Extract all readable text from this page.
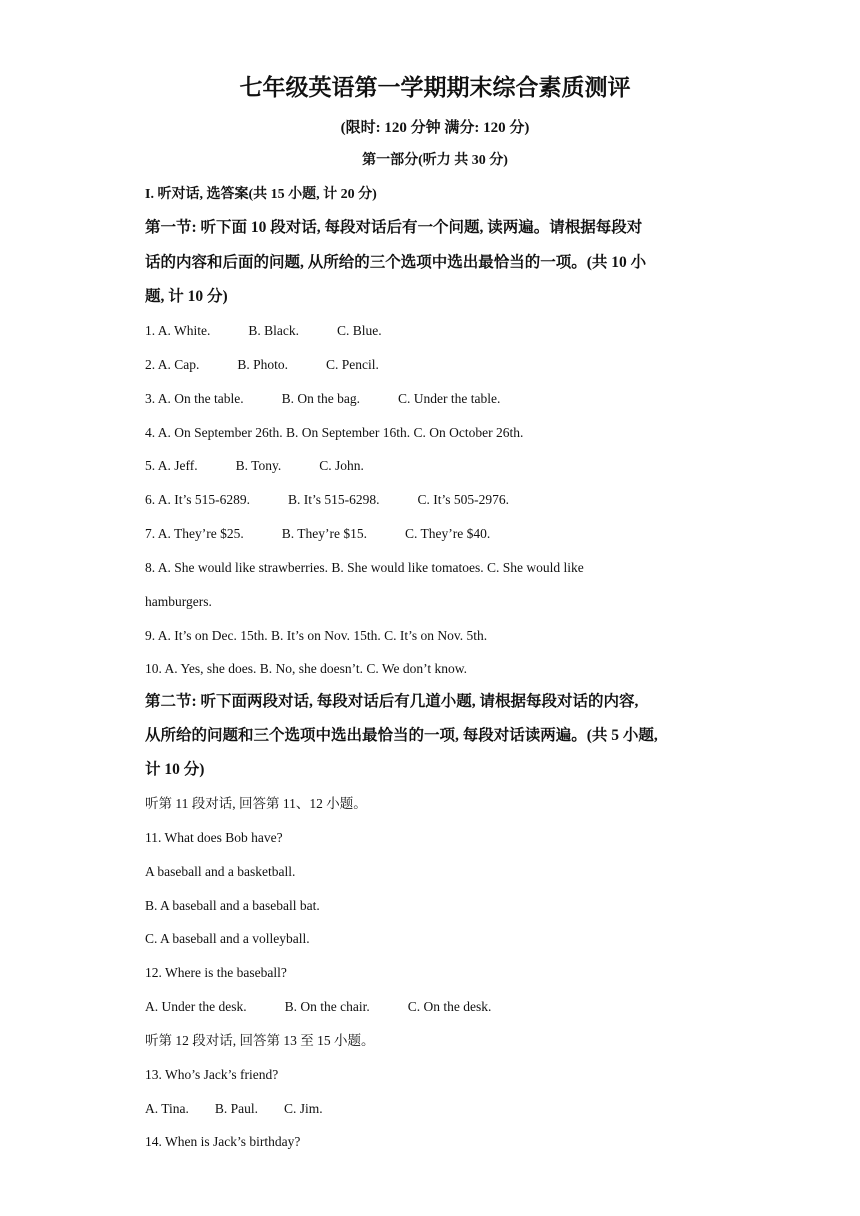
七年级英语第一学期期末综合素质测评
(限时: 120 分钟 满分: 120 分)
第一部分(听力 共 30 分)
I. 听对话, 选答案(共 15 小题, 计 20 分)
第一节: 听下面 10 段对话, 每段对话后有一个问题, 读两遍。请根据每段对
话的内容和后面的问题, 从所给的三个选项中选出最恰当的一项。(共 10 小
题, 计 10 分)
1. A. White.	B. Black.	C. Blue.
2. A. Cap.	B. Photo.	C. Pencil.
3. A. On the table.	B. On the bag.	C. Under the table.
4. A. On September 26th. B. On September 16th. C. On October 26th.
5. A. Jeff.	B. Tony.	C. John.
6. A. It’s 515-6289.	B. It’s 515-6298.	C. It’s 505-2976.
7. A. They’re $25.	B. They’re $15.	C. They’re $40.
8. A. She would like strawberries. B. She would like tomatoes. C. She would like
hamburgers.
9. A. It’s on Dec. 15th. B. It’s on Nov. 15th. C. It’s on Nov. 5th.
10. A. Yes, she does. B. No, she doesn’t. C. We don’t know.
第二节: 听下面两段对话, 每段对话后有几道小题, 请根据每段对话的内容,
从所给的问题和三个选项中选出最恰当的一项, 每段对话读两遍。(共 5 小题,
计 10 分)
听第 11 段对话, 回答第 11、12 小题。
11. What does Bob have?
A baseball and a basketball.
B. A baseball and a baseball bat.
C. A baseball and a volleyball.
12. Where is the baseball?
A. Under the desk.	B. On the chair.	C. On the desk.
听第 12 段对话, 回答第 13 至 15 小题。
13. Who’s Jack’s friend?
A. Tina. B. Paul. C. Jim.
14. When is Jack’s birthday?
